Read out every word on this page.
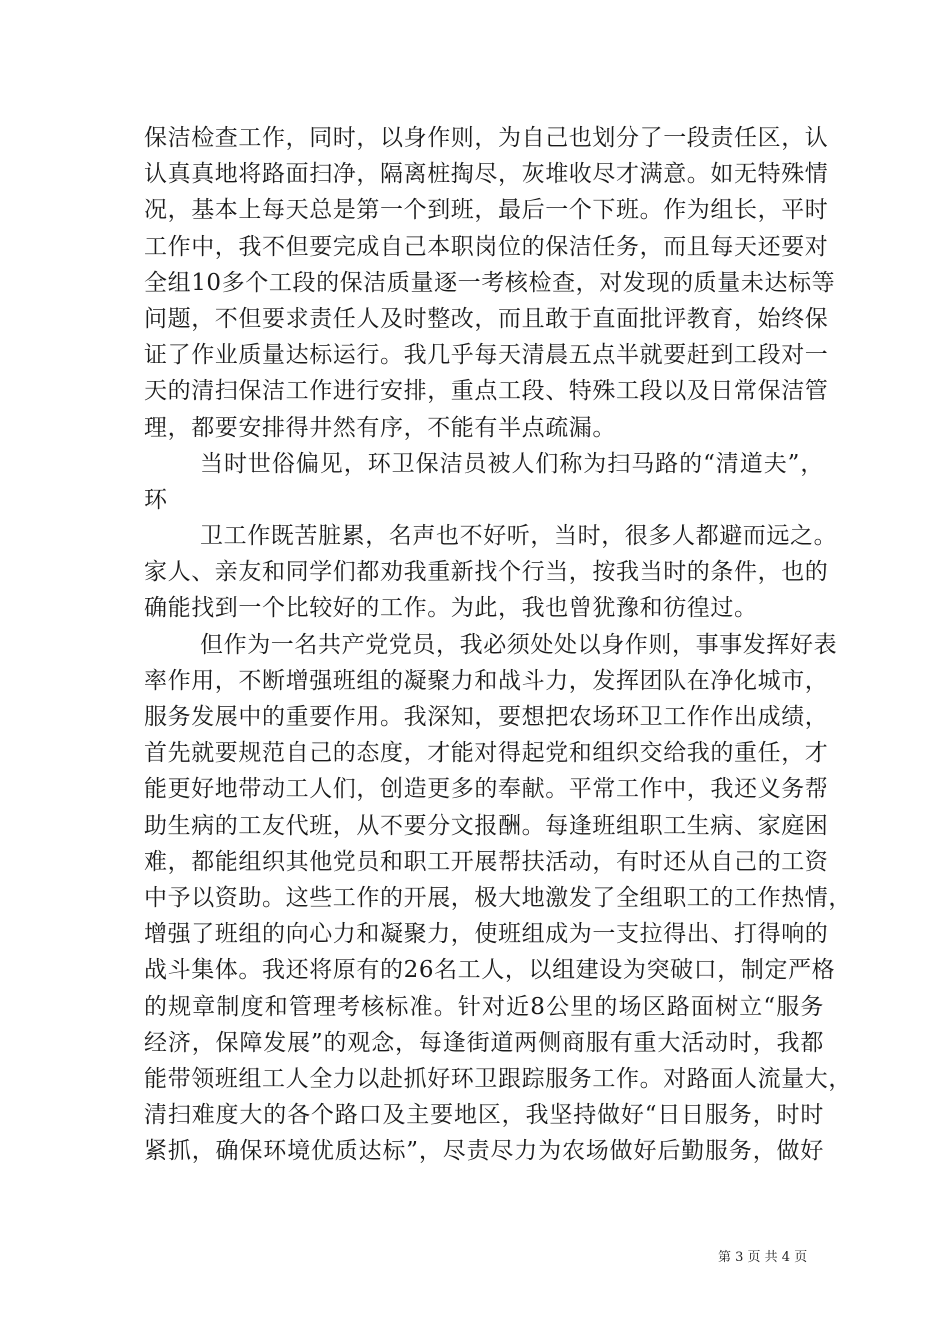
保洁检查工作，同时，以身作则，为自己也划分了一段责任区，认
认真真地将路面扫净，隔离桩掏尽，灰堆收尽才满意。如无特殊情
况，基本上每天总是第一个到班，最后一个下班。作为组长，平时
工作中，我不但要完成自己本职岗位的保洁任务，而且每天还要对
全组10多个工段的保洁质量逐一考核检查，对发现的质量未达标等
问题，不但要求责任人及时整改，而且敢于直面批评教育，始终保
证了作业质量达标运行。我几乎每天清晨五点半就要赶到工段对一
天的清扫保洁工作进行安排，重点工段、特殊工段以及日常保洁管
理，都要安排得井然有序，不能有半点疏漏。
当时世俗偏见，环卫保洁员被人们称为扫马路的“清道夫”，
环
卫工作既苦脏累，名声也不好听，当时，很多人都避而远之。
家人、亲友和同学们都劝我重新找个行当，按我当时的条件，也的
确能找到一个比较好的工作。为此，我也曾犹豫和彷徨过。
但作为一名共产党党员，我必须处处以身作则，事事发挥好表
率作用，不断增强班组的凝聚力和战斗力，发挥团队在净化城市，
服务发展中的重要作用。我深知，要想把农场环卫工作作出成绩，
首先就要规范自己的态度，才能对得起党和组织交给我的重任，才
能更好地带动工人们，创造更多的奉献。平常工作中，我还义务帮
助生病的工友代班，从不要分文报酬。每逢班组职工生病、家庭困
难，都能组织其他党员和职工开展帮扶活动，有时还从自己的工资
中予以资助。这些工作的开展，极大地激发了全组职工的工作热情，
增强了班组的向心力和凝聚力，使班组成为一支拉得出、打得响的
战斗集体。我还将原有的26名工人，以组建设为突破口，制定严格
的规章制度和管理考核标准。针对近8公里的场区路面树立“服务
经济，保障发展”的观念，每逢街道两侧商服有重大活动时，我都
能带领班组工人全力以赴抓好环卫跟踪服务工作。对路面人流量大，
清扫难度大的各个路口及主要地区，我坚持做好“日日服务，时时
紧抓，确保环境优质达标”，尽责尽力为农场做好后勤服务，做好
第 3 页 共 4 页
